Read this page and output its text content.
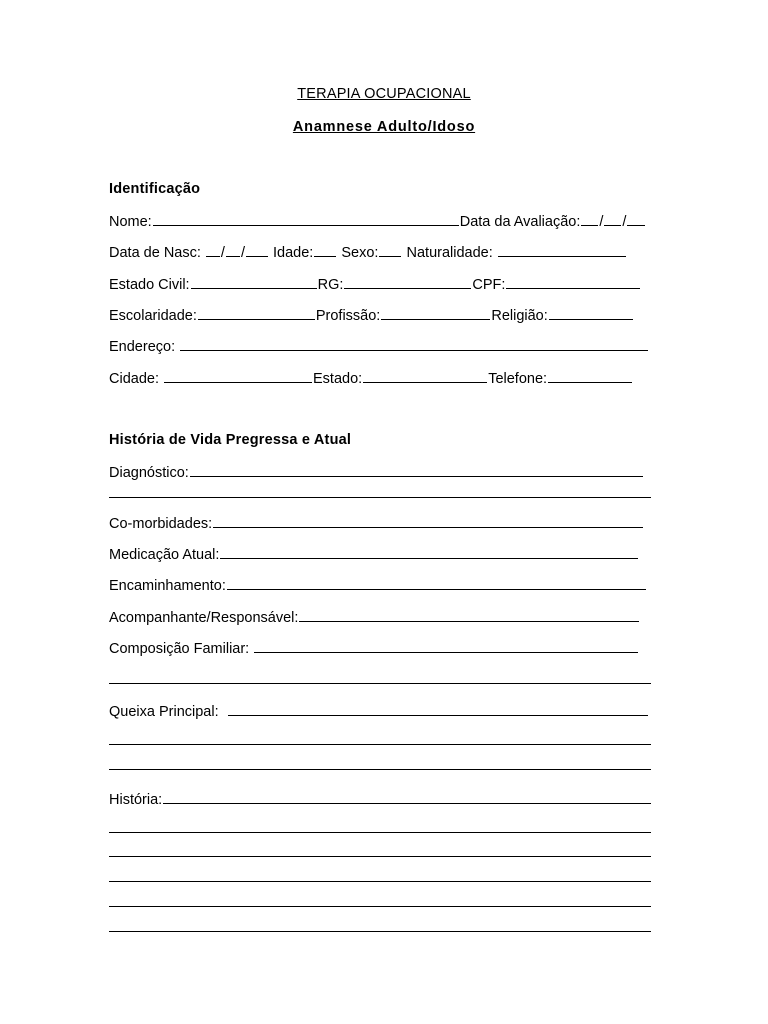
TERAPIA OCUPACIONAL
Anamnese Adulto/Idoso
Identificação
Nome:	Data da Avaliação: / /
Data de Nasc: / / Idade: Sexo: Naturalidade:
Estado Civil:	RG:	CPF:
Escolaridade:	Profissão:	Religião:
Endereço:
Cidade:	Estado:	Telefone:
História de Vida Pregressa e Atual
Diagnóstico:
Co-morbidades:
Medicação Atual:
Encaminhamento:
Acompanhante/Responsável:
Composição Familiar:
Queixa Principal:
História:
